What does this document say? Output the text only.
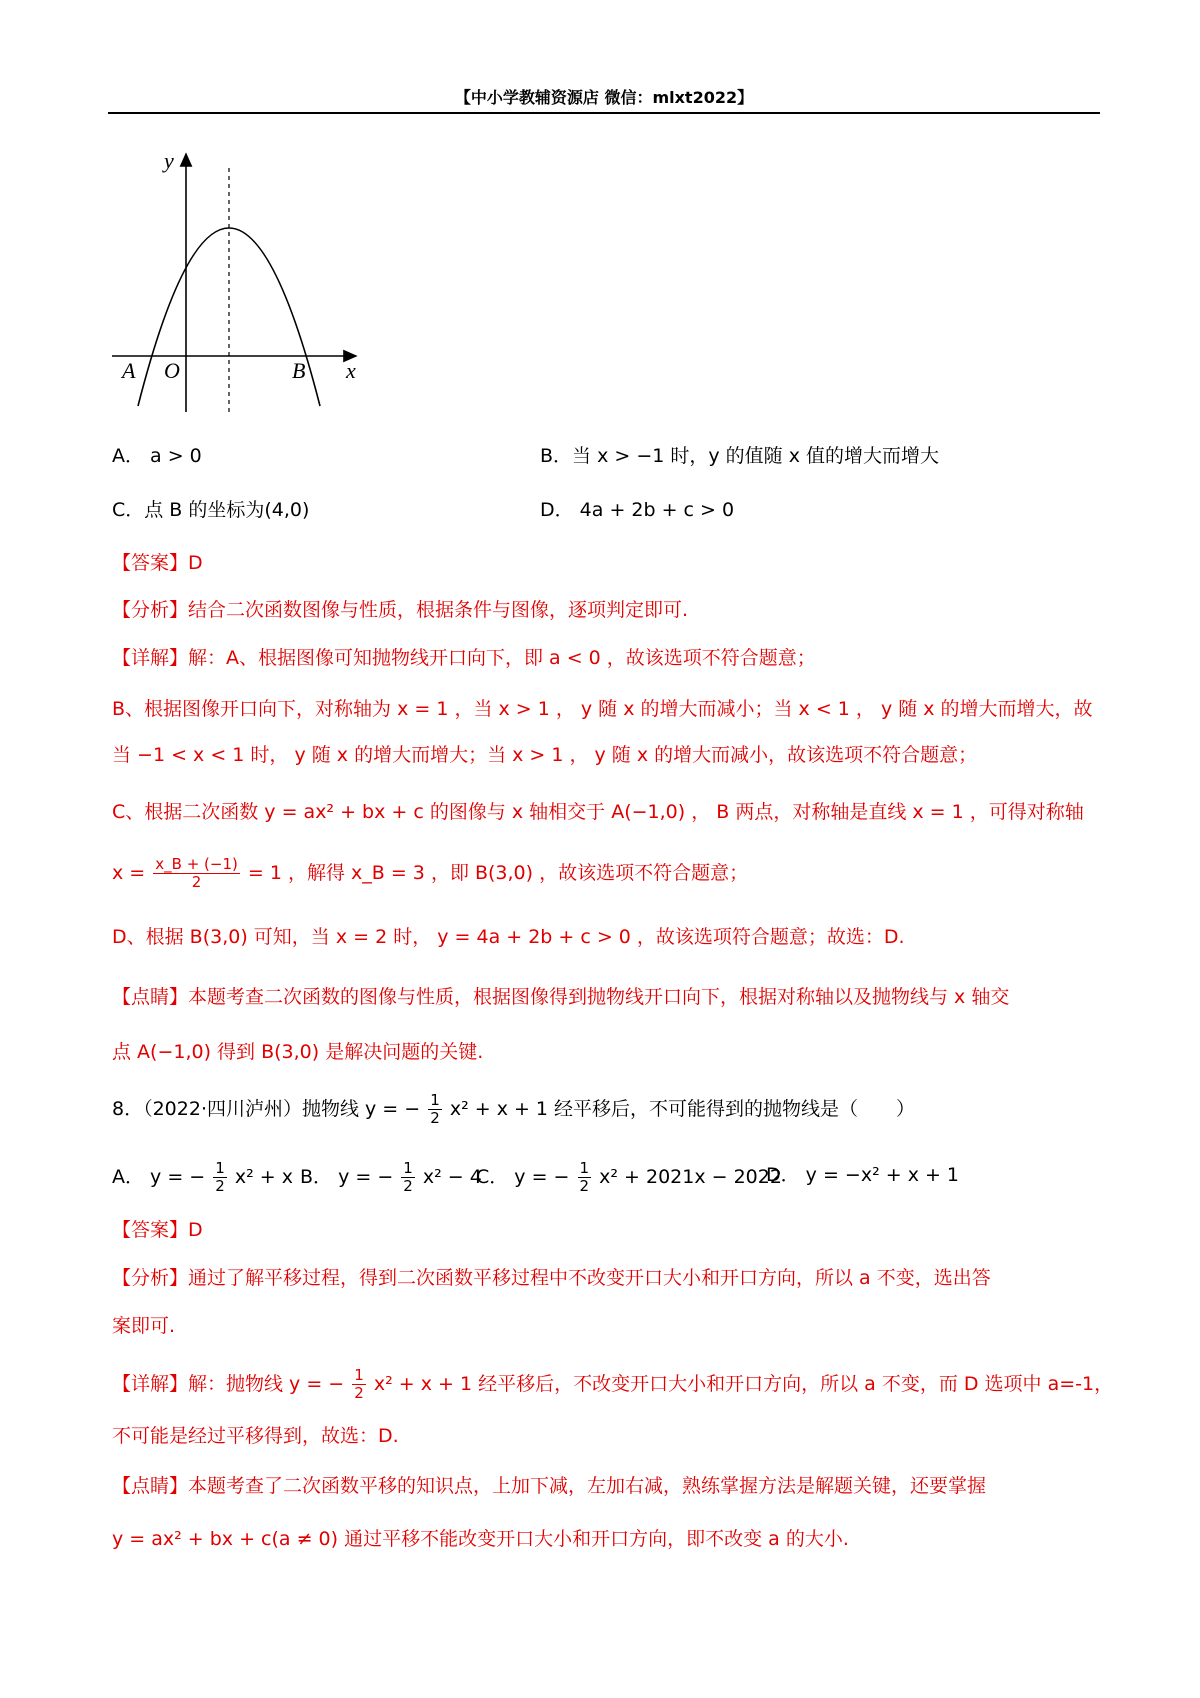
【中小学教辅资源店 微信：mlxt2022】
y
x
A O	B
A． a > 0	B．当 x > −1 时，y 的值随 x 值的增大而增大
C．点 B 的坐标为(4,0)	D． 4a + 2b + c > 0
【答案】D
【分析】结合二次函数图像与性质，根据条件与图像，逐项判定即可.
【详解】解：A、根据图像可知抛物线开口向下，即 a < 0 ，故该选项不符合题意；
B、根据图像开口向下，对称轴为 x = 1 ，当 x > 1 ， y 随 x 的增大而减小；当 x < 1 ， y 随 x 的增大而增大，故
当 −1 < x < 1 时， y 随 x 的增大而增大；当 x > 1 ， y 随 x 的增大而减小，故该选项不符合题意；
C、根据二次函数 y = ax² + bx + c 的图像与 x 轴相交于 A(−1,0) ， B 两点，对称轴是直线 x = 1 ，可得对称轴
$x = \frac{x\_B + (-1)}{2} = 1$ ，解得 x_B = 3 ，即 B(3,0) ，故该选项不符合题意；
D、根据 B(3,0) 可知，当 x = 2 时， y = 4a + 2b + c > 0 ，故该选项符合题意；故选：D.
【点睛】本题考查二次函数的图像与性质，根据图像得到抛物线开口向下，根据对称轴以及抛物线与 x 轴交
点 A(−1,0) 得到 B(3,0) 是解决问题的关键.
8．（2022·四川泸州）抛物线 y = − $\frac{1}{2} x^2 + x + 1$ 经平移后，不可能得到的抛物线是（　　）
A． y = − $\frac{1}{2} x^2 + x$ B． y = − $\frac{1}{2} x^2 - 4$
C． y = − $\frac{1}{2} x^2 + 2021x - 2022$
D． y = −x² + x + 1
【答案】D
【分析】通过了解平移过程，得到二次函数平移过程中不改变开口大小和开口方向，所以 a 不变，选出答
案即可.
【详解】解：抛物线 y = − $\frac{1}{2} x^2 + x + 1$ 经平移后，不改变开口大小和开口方向，所以 a 不变，而 D 选项中 a=-1，
不可能是经过平移得到，故选：D.
【点睛】本题考查了二次函数平移的知识点，上加下减，左加右减，熟练掌握方法是解题关键，还要掌握
y = ax² + bx + c(a ≠ 0) 通过平移不能改变开口大小和开口方向，即不改变 a 的大小.
